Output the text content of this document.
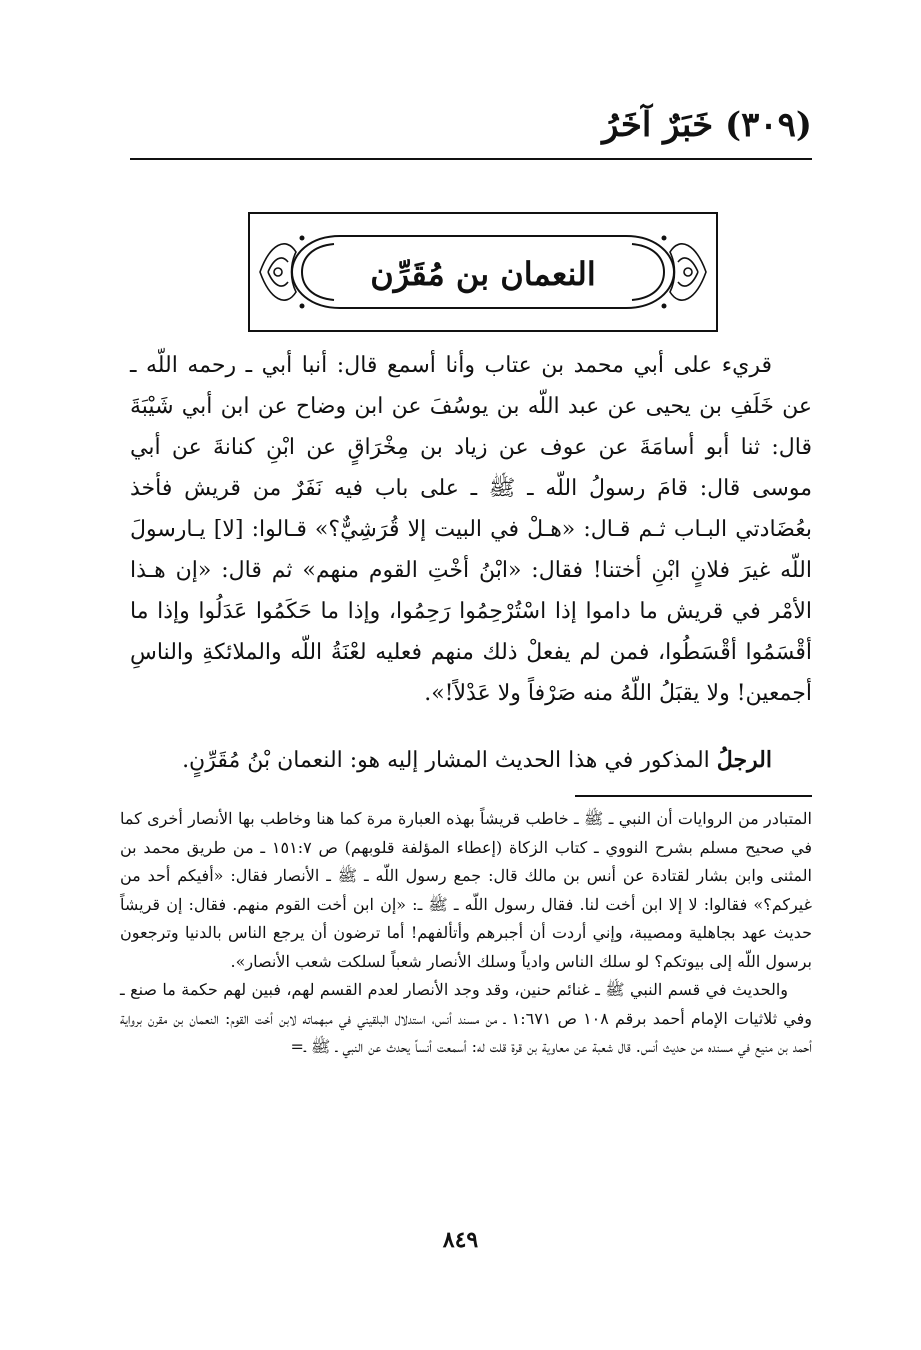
(٣٠٩) خَبَرٌ آخَرُ
النعمان بن مُقَرِّن

قريء على أبي محمد بن عتاب وأنا أسمع قال: أنبا أبي ـ رحمه اللّه ـ عن خَلَفِ بن يحيى عن عبد اللّه بن يوسُفَ عن ابن وضاح عن ابن أبي شَيْبَةَ قال: ثنا أبو أسامَةَ عن عوف عن زياد بن مِخْرَاقٍ عن ابْنِ كنانةَ عن أبي موسى قال: قامَ رسولُ اللّه ـ ﷺ ـ على باب فيه نَفَرٌ من قريش فأخذ بعُضَادتي البـاب ثـم قـال: «هـلْ في البيت إلا قُرَشِيٌّ؟» قـالوا: [لا] يـارسولَ اللّه غيرَ فلانٍ ابْنِ أختنا! فقال: «ابْنُ أخْتِ القوم منهم» ثم قال: «إن هـذا الأمْر في قريش ما داموا إذا اسْتُرْحِمُوا رَحِمُوا، وإذا ما حَكَمُوا عَدَلُوا وإذا ما أقْسَمُوا أقْسَطُوا، فمن لم يفعلْ ذلك منهم فعليه لعْنَةُ اللّه والملائكةِ والناسِ أجمعين! ولا يقبَلُ اللّهُ منه صَرْفاً ولا عَدْلاً!».

الرجلُ المذكور في هذا الحديث المشار إليه هو: النعمان بْنُ مُقَرِّنٍ.

المتبادر من الروايات أن النبي ـ ﷺ ـ خاطب قريشاً بهذه العبارة مرة كما هنا وخاطب بها الأنصار أخرى كما في صحيح مسلم بشرح النووي ـ كتاب الزكاة (إعطاء المؤلفة قلوبهم) ص ١٥١:٧ ـ من طريق محمد بن المثنى وابن بشار لقتادة عن أنس بن مالك قال: جمع رسول اللّه ـ ﷺ ـ الأنصار فقال: «أفيكم أحد من غيركم؟» فقالوا: لا إلا ابن أخت لنا. فقال رسول اللّه ـ ﷺ ـ: «إن ابن أخت القوم منهم. فقال: إن قريشاً حديث عهد بجاهلية ومصيبة، وإني أردت أن أجبرهم وأتألفهم! أما ترضون أن يرجع الناس بالدنيا وترجعون برسول اللّه إلى بيوتكم؟ لو سلك الناس وادياً وسلك الأنصار شعباً لسلكت شعب الأنصار».

والحديث في قسم النبي ﷺ ـ غنائم حنين، وقد وجد الأنصار لعدم القسم لهم، فبين لهم حكمة ما صنع ـ وفي ثلاثيات الإمام أحمد برقم ١٠٨ ص ١:٦٧١ ـ من مسند أنس، استدلال البلقيني في مبهماته لابن أخت القوم: النعمان بن مقرن برواية أحمد بن منيع في مسنده من حديث أنس. قال شعبة عن معاوية بن قرة قلت له: أسمعت أنساً يحدث عن النبي ـ ﷺ ـ=

٨٤٩
